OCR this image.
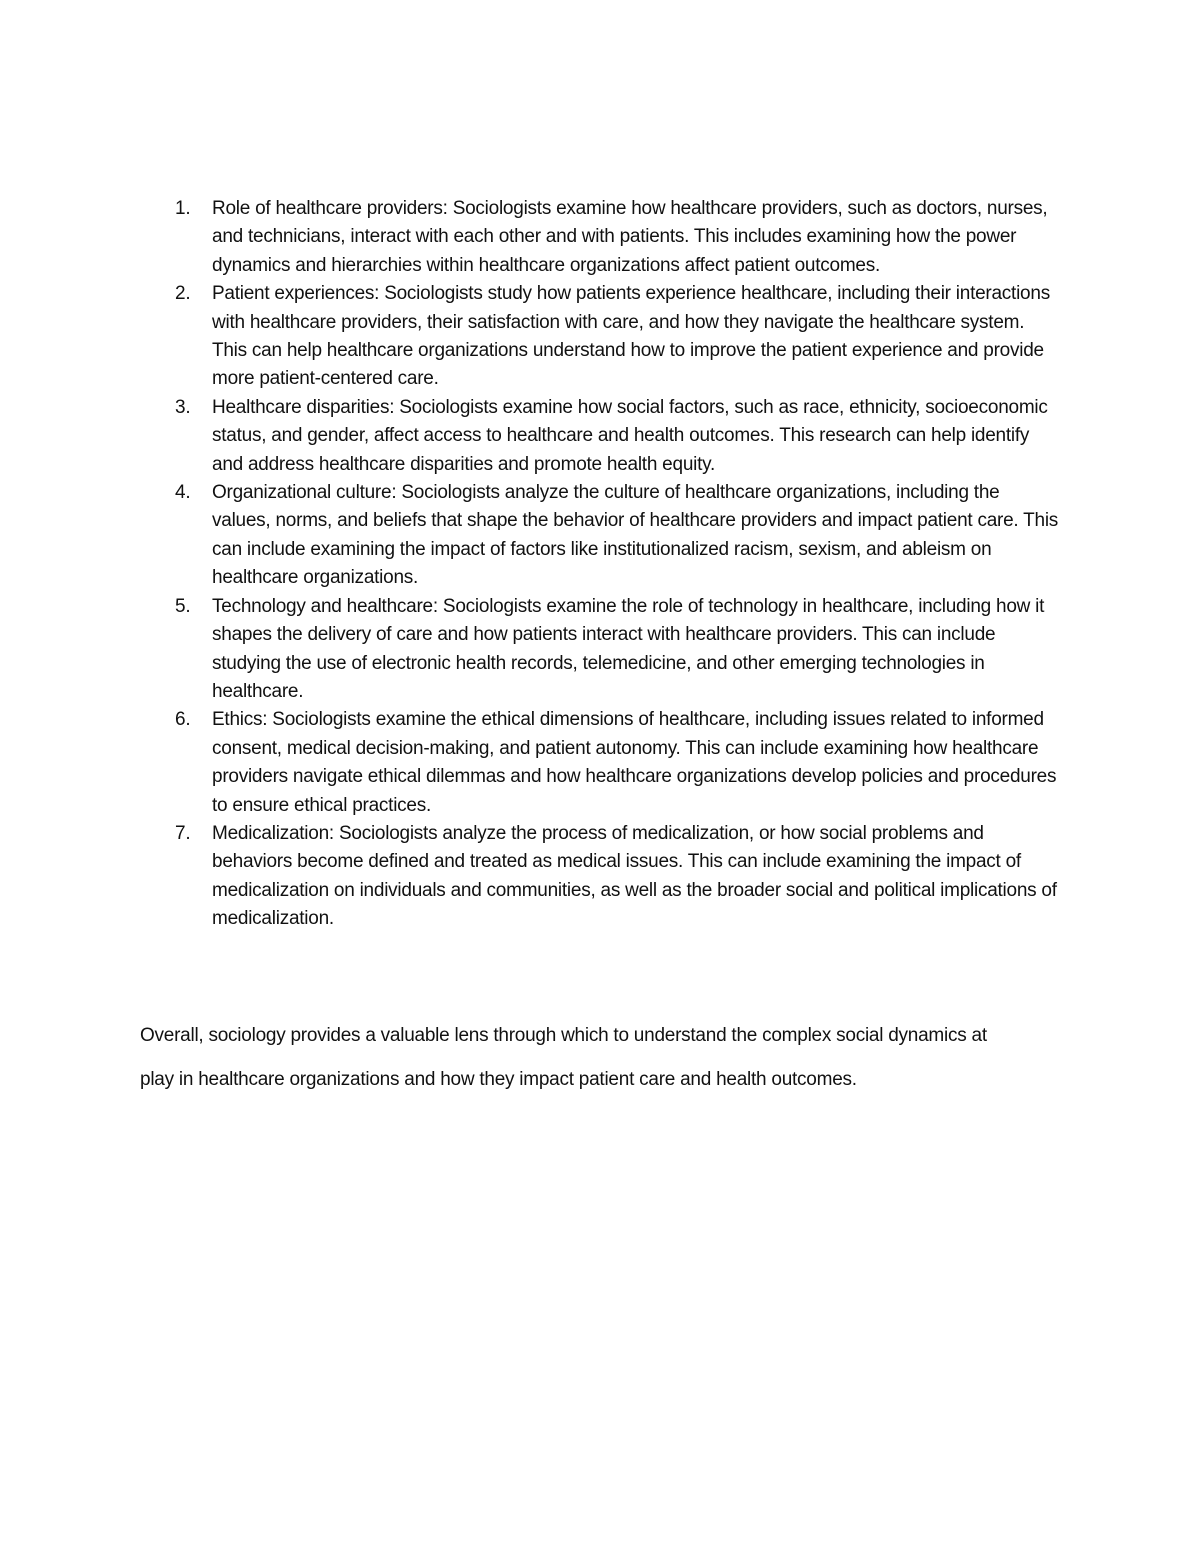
1.	Role of healthcare providers: Sociologists examine how healthcare providers, such as doctors, nurses, and technicians, interact with each other and with patients. This includes examining how the power dynamics and hierarchies within healthcare organizations affect patient outcomes.
2.	Patient experiences: Sociologists study how patients experience healthcare, including their interactions with healthcare providers, their satisfaction with care, and how they navigate the healthcare system. This can help healthcare organizations understand how to improve the patient experience and provide more patient-centered care.
3.	Healthcare disparities: Sociologists examine how social factors, such as race, ethnicity, socioeconomic status, and gender, affect access to healthcare and health outcomes. This research can help identify and address healthcare disparities and promote health equity.
4.	Organizational culture: Sociologists analyze the culture of healthcare organizations, including the values, norms, and beliefs that shape the behavior of healthcare providers and impact patient care. This can include examining the impact of factors like institutionalized racism, sexism, and ableism on healthcare organizations.
5.	Technology and healthcare: Sociologists examine the role of technology in healthcare, including how it shapes the delivery of care and how patients interact with healthcare providers. This can include studying the use of electronic health records, telemedicine, and other emerging technologies in healthcare.
6.	Ethics: Sociologists examine the ethical dimensions of healthcare, including issues related to informed consent, medical decision-making, and patient autonomy. This can include examining how healthcare providers navigate ethical dilemmas and how healthcare organizations develop policies and procedures to ensure ethical practices.
7.	Medicalization: Sociologists analyze the process of medicalization, or how social problems and behaviors become defined and treated as medical issues. This can include examining the impact of medicalization on individuals and communities, as well as the broader social and political implications of medicalization.

Overall, sociology provides a valuable lens through which to understand the complex social dynamics at play in healthcare organizations and how they impact patient care and health outcomes.
